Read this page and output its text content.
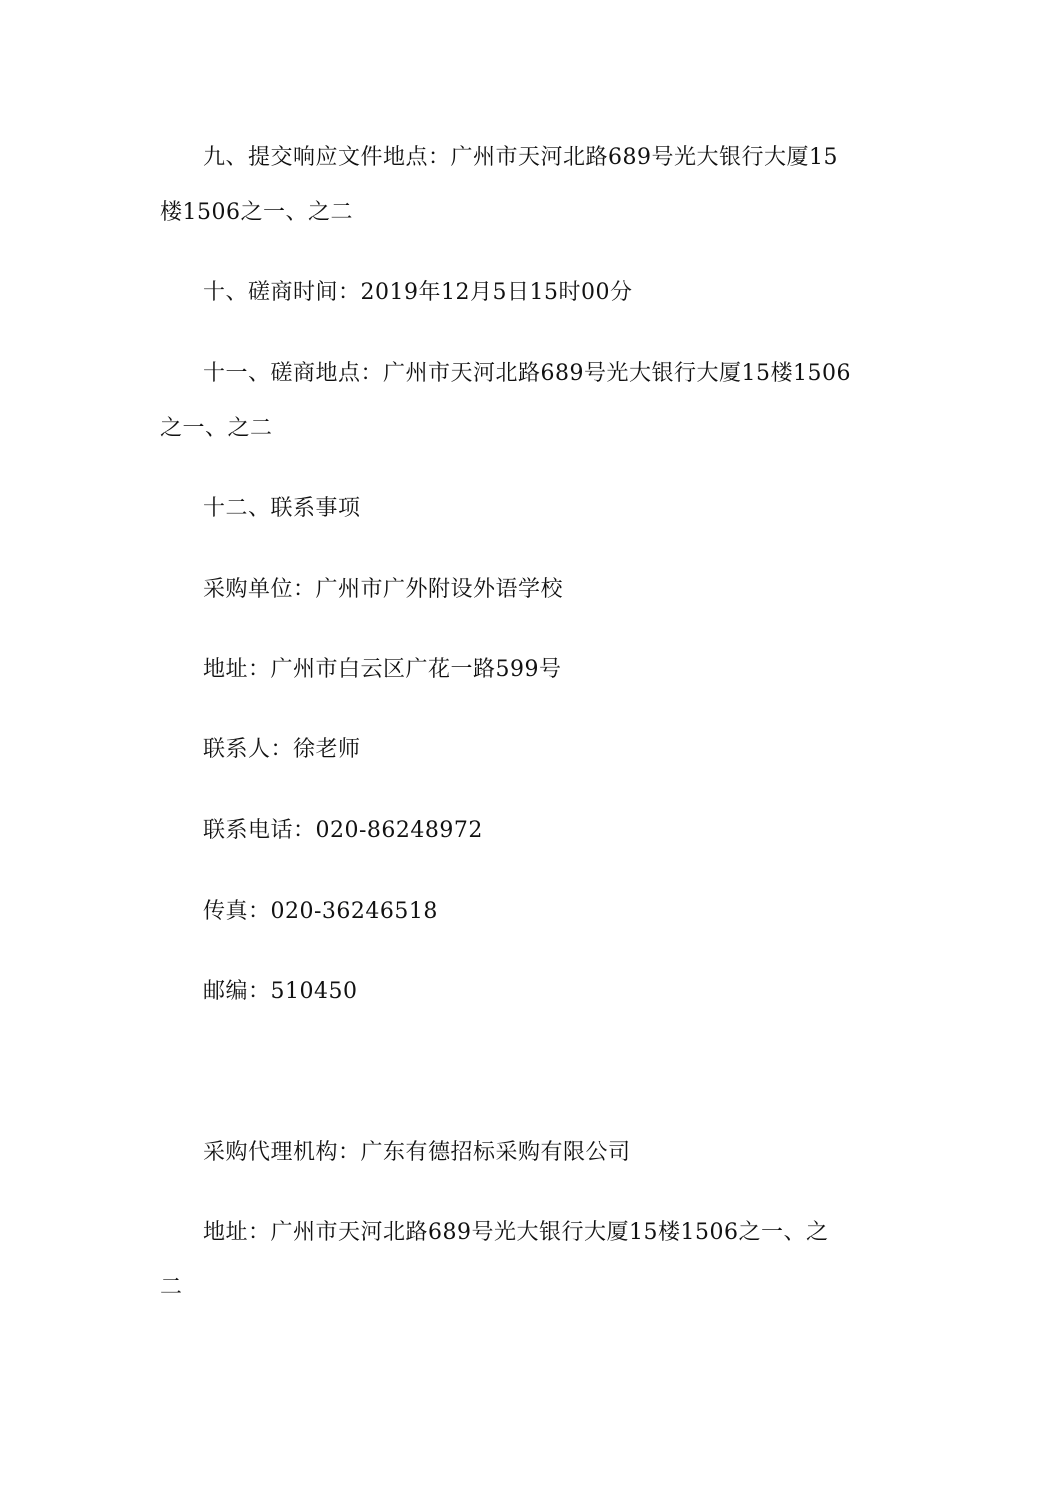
九、提交响应文件地点：广州市天河北路689号光大银行大厦15
楼1506之一、之二
十、磋商时间：2019年12月5日15时00分
十一、磋商地点：广州市天河北路689号光大银行大厦15楼1506
之一、之二
十二、联系事项
采购单位：广州市广外附设外语学校
地址：广州市白云区广花一路599号
联系人：徐老师
联系电话：020-86248972
传真：020-36246518
邮编：510450
采购代理机构：广东有德招标采购有限公司
地址：广州市天河北路689号光大银行大厦15楼1506之一、之
二
